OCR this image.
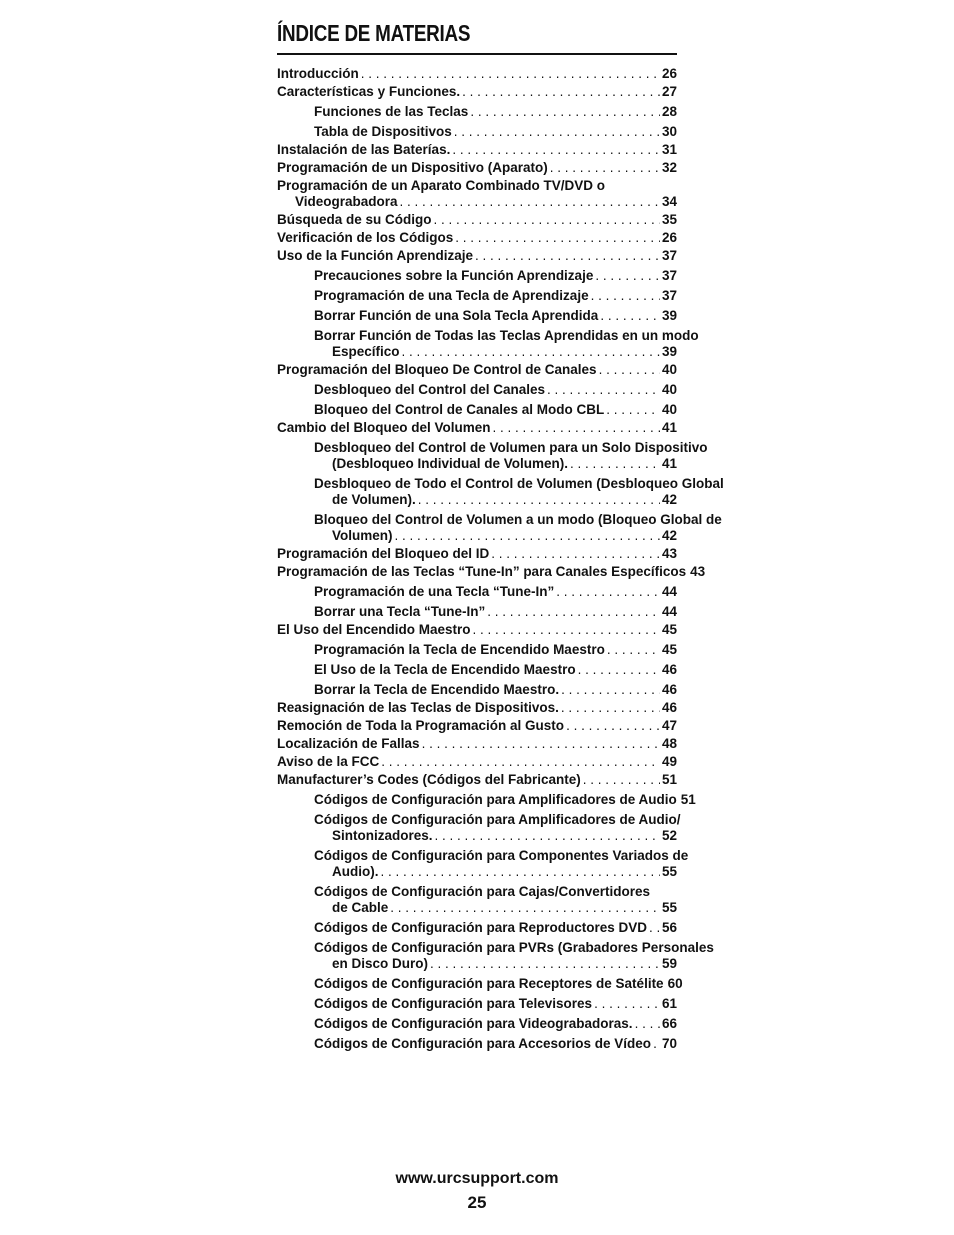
ÍNDICE DE MATERIAS
Introducción . . .	26
Características y Funciones. . . .	27
Funciones de las Teclas . . .	28
Tabla de Dispositivos . . .	30
Instalación de las Baterías. . . .	31
Programación de un Dispositivo (Aparato) . . .	32
Programación de un Aparato Combinado TV/DVD o
Videograbadora . . .	34
Búsqueda de su Código . . .	35
Verificación de los Códigos . . .	26
Uso de la Función Aprendizaje . . .	37
Precauciones sobre la Función Aprendizaje . . .	37
Programación de una Tecla de Aprendizaje . . .	37
Borrar Función de una Sola Tecla Aprendida . . .	39
Borrar Función de Todas las Teclas Aprendidas en un modo
Específico . . .	39
Programación del Bloqueo De Control de Canales . . .	40
Desbloqueo del Control del Canales . . .	40
Bloqueo del Control de Canales al Modo CBL . . .	40
Cambio del Bloqueo del Volumen . . .	41
Desbloqueo del Control de Volumen para un Solo Dispositivo
(Desbloqueo Individual de Volumen). . . .	41
Desbloqueo de Todo el Control de Volumen (Desbloqueo Global
de Volumen). . . .	42
Bloqueo del Control de Volumen a un modo (Bloqueo Global de
Volumen) . . .	42
Programación del Bloqueo del ID . . .	43
Programación de las Teclas “Tune-In” para Canales Específicos 43
Programación de una Tecla “Tune-In” . . .	44
Borrar una Tecla “Tune-In” . . .	44
El Uso del Encendido Maestro . . .	45
Programación la Tecla de Encendido Maestro . . .	45
El Uso de la Tecla de Encendido Maestro . . .	46
Borrar la Tecla de Encendido Maestro. . . .	46
Reasignación de las Teclas de Dispositivos. . . .	46
Remoción de Toda la Programación al Gusto . . .	47
Localización de Fallas . . .	48
Aviso de la FCC . . .	49
Manufacturer’s Codes (Códigos del Fabricante) . . .	51
Códigos de Configuración para Amplificadores de Audio 51
Códigos de Configuración para Amplificadores de Audio/
Sintonizadores. . . .	52
Códigos de Configuración para Componentes Variados de
Audio). . . .	55
Códigos de Configuración para Cajas/Convertidores
de Cable . . .	55
Códigos de Configuración para Reproductores DVD . . . 56
Códigos de Configuración para PVRs (Grabadores Personales
en Disco Duro) . . .	59
Códigos de Configuración para Receptores de Satélite 60
Códigos de Configuración para Televisores . . .	61
Códigos de Configuración para Videograbadoras. . . . 66
Códigos de Configuración para Accesorios de Vídeo . . . 70
www.urcsupport.com
25
